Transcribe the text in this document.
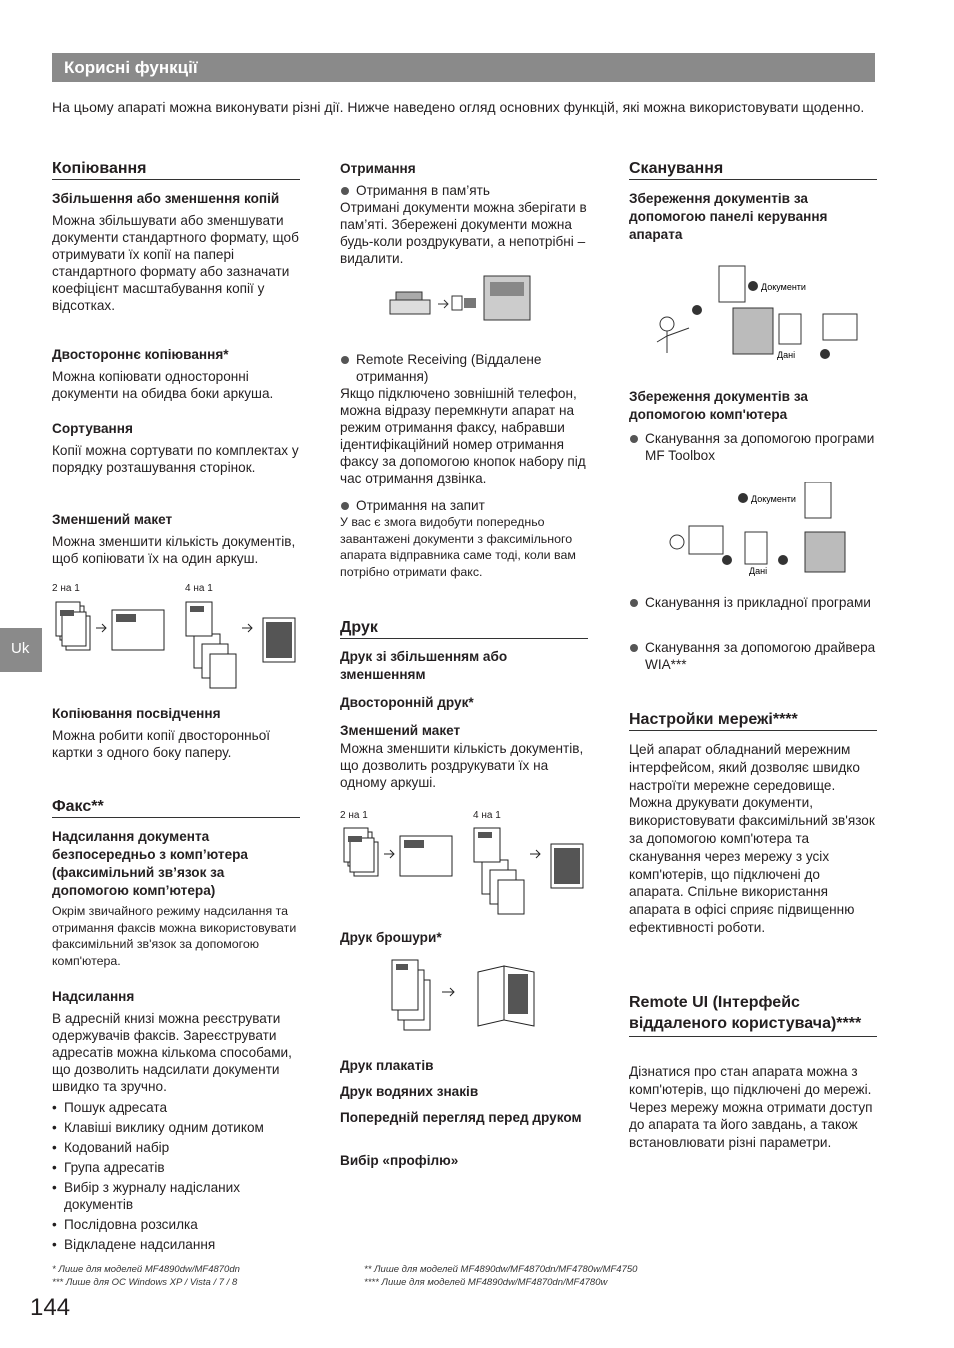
Корисні функції

На цьому апараті можна виконувати різні дії. Нижче наведено огляд основних функцій, які можна використовувати щоденно.

Uk
Копіювання
Збільшення або зменшення копій

Можна збільшувати або зменшувати документи стандартного формату, щоб отримувати їх копії на папері стандартного формату або зазначати коефіцієнт масштабування копії у відсотках.

Двостороннє копіювання*

Можна копіювати односторонні документи на обидва боки аркуша.

Сортування

Копії можна сортувати по комплектах у порядку розташування сторінок.

Зменшений макет

Можна зменшити кількість документів, щоб копіювати їх на один аркуш.

2 на 1	4 на 1
Копіювання посвідчення

Можна робити копії двосторонньої картки з одного боку паперу.

Факс**
Надсилання документа безпосередньо з комп’ютера (факсимільний зв’язок за допомогою комп’ютера)

Окрім звичайного режиму надсилання та отримання факсів можна використовувати факсимільний зв'язок за допомогою комп'ютера.

Надсилання

В адресній книзі можна реєструвати одержувачів факсів. Зареєструвати адресатів можна кількома способами, що дозволить надсилати документи швидко та зручно.

• Пошук адресата
• Клавіші виклику одним дотиком
• Кодований набір
• Група адресатів
• Вибір з журналу надісланих документів
• Послідовна розсилка
• Відкладене надсилання
Отримання
Отримання в пам’ять

Отримані документи можна зберігати в пам’яті. Збережені документи можна будь-коли роздрукувати, а непотрібні – видалити.

Remote Receiving (Віддалене отримання)

Якщо підключено зовнішній телефон, можна відразу перемкнути апарат на режим отримання факсу, набравши ідентифікаційний номер отримання факсу за допомогою кнопок набору під час отримання дзвінка.

Отримання на запит

У вас є змога видобути попередньо завантажені документи з факсимільного апарата відправника саме тоді, коли вам потрібно отримати факс.

Друк
Друк зі збільшенням або зменшенням
Двосторонній друк*
Зменшений макет

Можна зменшити кількість документів, що дозволить роздрукувати їх на одному аркуші.

2 на 1	4 на 1
Друк брошури*
Друк плакатів
Друк водяних знаків
Попередній перегляд перед друком
Вибір «профілю»
Сканування
Збереження документів за допомогою панелі керування апарата
Документи
Дані
Збереження документів за допомогою комп'ютера
Сканування за допомогою програми MF Toolbox
Документи
Дані
Сканування із прикладної програми
Сканування за допомогою драйвера WIA***
Настройки мережі****

Цей апарат обладнаний мережним інтерфейсом, який дозволяє швидко настроїти мережне середовище. Можна друкувати документи, використовувати факсимільний зв'язок за допомогою комп'ютера та сканування через мережу з усіх комп'ютерів, що підключені до апарата. Спільне використання апарата в офісі сприяє підвищенню ефективності роботи.

Remote UI (Інтерфейс віддаленого користувача)****

Дізнатися про стан апарата можна з комп'ютерів, що підключені до мережі. Через мережу можна отримати доступ до апарата та його завдань, а також встановлювати різні параметри.

* Лише для моделей MF4890dw/MF4870dn
*** Лише для ОС Windows XP / Vista / 7 / 8
** Лише для моделей MF4890dw/MF4870dn/MF4780w/MF4750
**** Лише для моделей MF4890dw/MF4870dn/MF4780w
144
